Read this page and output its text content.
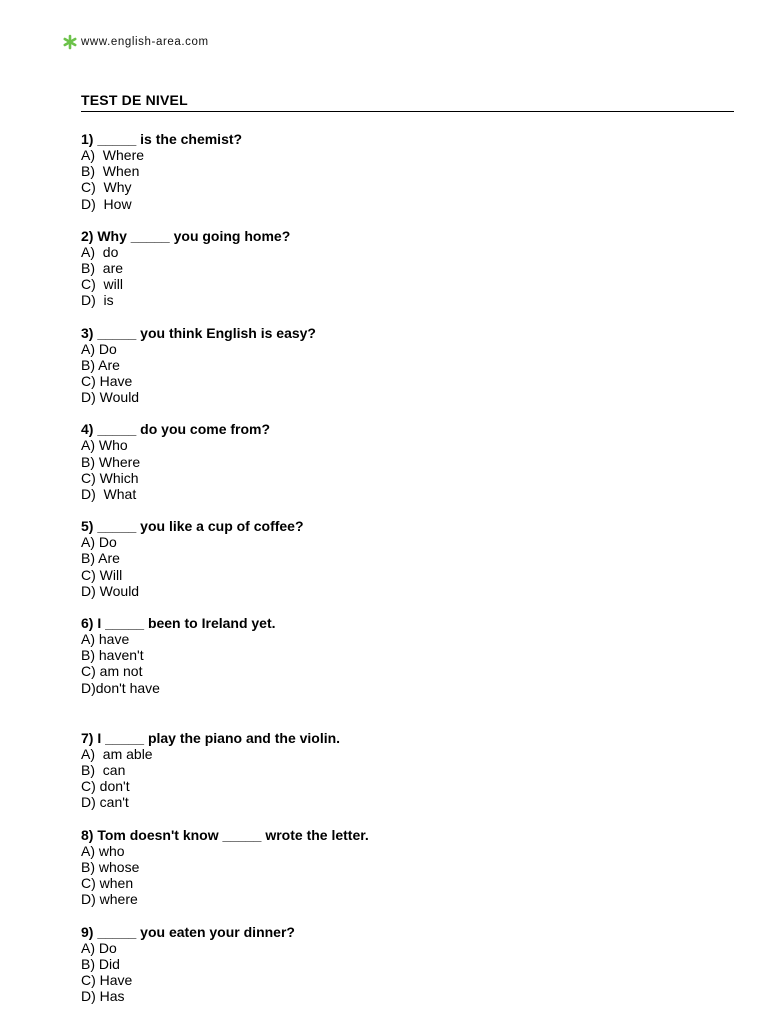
www.english-area.com
TEST DE NIVEL
1) _____ is the chemist?
A)  Where
B)  When
C)  Why
D)  How
2) Why _____ you going home?
A)  do
B)  are
C)  will
D)  is
3) _____ you think English is easy?
A) Do
B) Are
C) Have
D) Would
4) _____ do you come from?
A) Who
B) Where
C) Which
D)  What
5) _____ you like a cup of coffee?
A) Do
B) Are
C) Will
D) Would
6) I _____ been to Ireland yet.
A) have
B) haven't
C) am not
D)don't have
7) I _____ play the piano and the violin.
A)  am able
B)  can
C) don't
D) can't
8) Tom doesn't know _____ wrote the letter.
A) who
B) whose
C) when
D) where
9) _____ you eaten your dinner?
A) Do
B) Did
C) Have
D) Has
